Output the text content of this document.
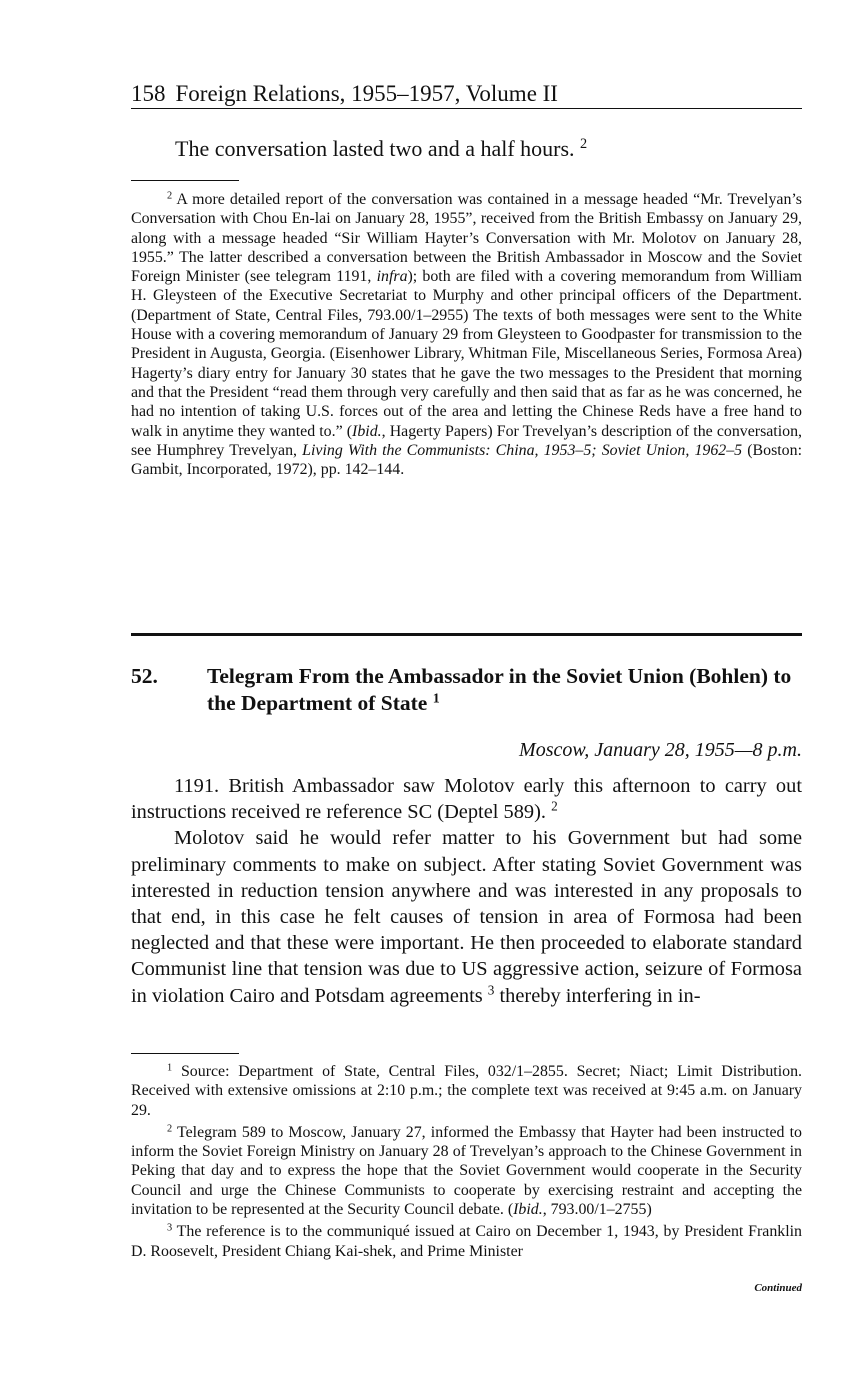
158 Foreign Relations, 1955–1957, Volume II
The conversation lasted two and a half hours. $^2$

$^2$ A more detailed report of the conversation was contained in a message headed “Mr. Trevelyan’s Conversation with Chou En-lai on January 28, 1955”, received from the British Embassy on January 29, along with a message headed “Sir William Hayter’s Conversation with Mr. Molotov on January 28, 1955.” The latter described a conversation between the British Ambassador in Moscow and the Soviet Foreign Minister (see telegram 1191, infra); both are filed with a covering memorandum from William H. Gleysteen of the Executive Secretariat to Murphy and other principal officers of the Department. (Department of State, Central Files, 793.00/1–2955) The texts of both messages were sent to the White House with a covering memorandum of January 29 from Gleysteen to Goodpaster for transmission to the President in Augusta, Georgia. (Eisenhower Library, Whitman File, Miscellaneous Series, Formosa Area) Hagerty’s diary entry for January 30 states that he gave the two messages to the President that morning and that the President “read them through very carefully and then said that as far as he was concerned, he had no intention of taking U.S. forces out of the area and letting the Chinese Reds have a free hand to walk in anytime they wanted to.” (Ibid., Hagerty Papers) For Trevelyan’s description of the conversation, see Humphrey Trevelyan, Living With the Communists: China, 1953–5; Soviet Union, 1962–5 (Boston: Gambit, Incorporated, 1972), pp. 142–144.

52. Telegram From the Ambassador in the Soviet Union (Bohlen) to the Department of State $^1$
Moscow, January 28, 1955—8 p.m.

1191. British Ambassador saw Molotov early this afternoon to carry out instructions received re reference SC (Deptel 589). $^2$

Molotov said he would refer matter to his Government but had some preliminary comments to make on subject. After stating Soviet Government was interested in reduction tension anywhere and was interested in any proposals to that end, in this case he felt causes of tension in area of Formosa had been neglected and that these were important. He then proceeded to elaborate standard Communist line that tension was due to US aggressive action, seizure of Formosa in violation Cairo and Potsdam agreements $^3$ thereby interfering in in-

$^1$ Source: Department of State, Central Files, 032/1–2855. Secret; Niact; Limit Distribution. Received with extensive omissions at 2:10 p.m.; the complete text was received at 9:45 a.m. on January 29.

$^2$ Telegram 589 to Moscow, January 27, informed the Embassy that Hayter had been instructed to inform the Soviet Foreign Ministry on January 28 of Trevelyan’s approach to the Chinese Government in Peking that day and to express the hope that the Soviet Government would cooperate in the Security Council and urge the Chinese Communists to cooperate by exercising restraint and accepting the invitation to be represented at the Security Council debate. (Ibid., 793.00/1–2755)

$^3$ The reference is to the communiqué issued at Cairo on December 1, 1943, by President Franklin D. Roosevelt, President Chiang Kai-shek, and Prime Minister

Continued
